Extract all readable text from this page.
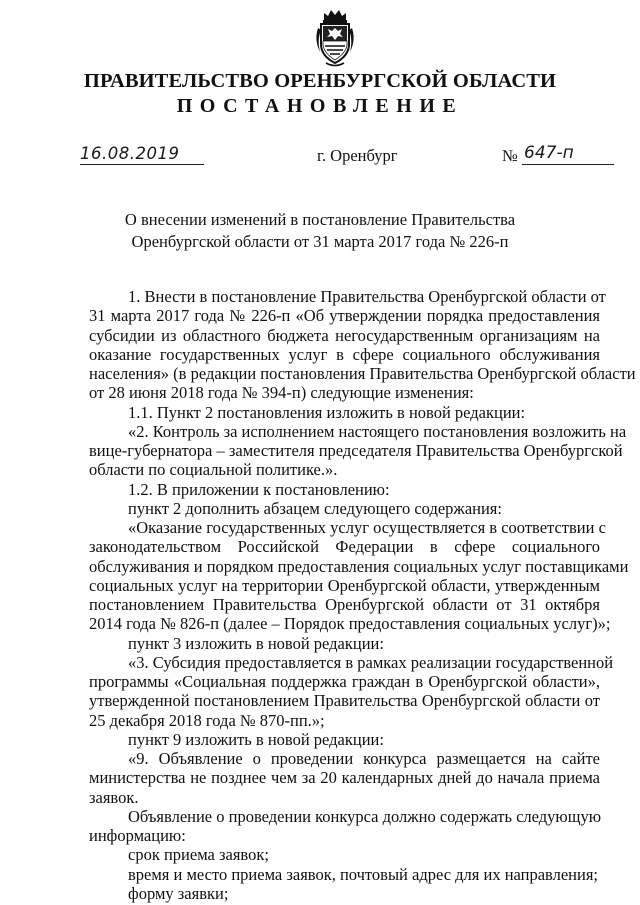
ПРАВИТЕЛЬСТВО ОРЕНБУРГСКОЙ ОБЛАСТИ
ПОСТАНОВЛЕНИЕ
16.08.2019	г. Оренбург	№ 647-п
О внесении изменений в постановление Правительства
Оренбургской области от 31 марта 2017 года № 226-п
1. Внести в постановление Правительства Оренбургской области от
31 марта 2017 года № 226-п «Об утверждении порядка предоставления
субсидии из областного бюджета негосударственным организациям на
оказание государственных услуг в сфере социального обслуживания
населения» (в редакции постановления Правительства Оренбургской области
от 28 июня 2018 года № 394-п) следующие изменения:
1.1. Пункт 2 постановления изложить в новой редакции:
«2. Контроль за исполнением настоящего постановления возложить на
вице-губернатора – заместителя председателя Правительства Оренбургской
области по социальной политике.».
1.2. В приложении к постановлению:
пункт 2 дополнить абзацем следующего содержания:
«Оказание государственных услуг осуществляется в соответствии с
законодательством Российской Федерации в сфере социального
обслуживания и порядком предоставления социальных услуг поставщиками
социальных услуг на территории Оренбургской области, утвержденным
постановлением Правительства Оренбургской области от 31 октября
2014 года № 826-п (далее – Порядок предоставления социальных услуг)»;
пункт 3 изложить в новой редакции:
«3. Субсидия предоставляется в рамках реализации государственной
программы «Социальная поддержка граждан в Оренбургской области»,
утвержденной постановлением Правительства Оренбургской области от
25 декабря 2018 года № 870-пп.»;
пункт 9 изложить в новой редакции:
«9. Объявление о проведении конкурса размещается на сайте
министерства не позднее чем за 20 календарных дней до начала приема
заявок.
Объявление о проведении конкурса должно содержать следующую
информацию:
срок приема заявок;
время и место приема заявок, почтовый адрес для их направления;
форму заявки;
